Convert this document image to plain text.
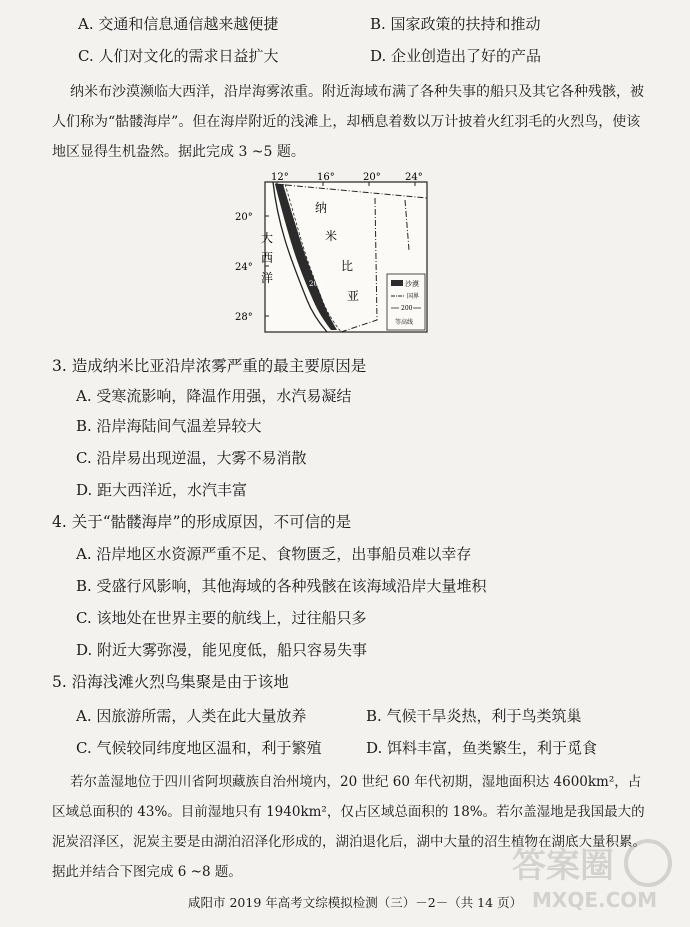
A. 交通和信息通信越来越便捷	B. 国家政策的扶持和推动
C. 人们对文化的需求日益扩大	D. 企业创造出了好的产品
纳米布沙漠濒临大西洋，沿岸海雾浓重。附近海域布满了各种失事的船只及其它各种残骸，被
人们称为“骷髅海岸”。但在海岸附近的浅滩上，却栖息着数以万计披着火红羽毛的火烈鸟，使该
地区显得生机盎然。据此完成 3 ~5 题。
12°	16°	20° 24°
20°
24°
28°
200
大
西
洋
纳
米
比
亚
沙漠
国界
200
等高线
3. 造成纳米比亚沿岸浓雾严重的最主要原因是
A. 受寒流影响，降温作用强，水汽易凝结
B. 沿岸海陆间气温差异较大
C. 沿岸易出现逆温，大雾不易消散
D. 距大西洋近，水汽丰富
4. 关于“骷髅海岸”的形成原因，不可信的是
A. 沿岸地区水资源严重不足、食物匮乏，出事船员难以幸存
B. 受盛行风影响，其他海域的各种残骸在该海域沿岸大量堆积
C. 该地处在世界主要的航线上，过往船只多
D. 附近大雾弥漫，能见度低，船只容易失事
5. 沿海浅滩火烈鸟集聚是由于该地
A. 因旅游所需，人类在此大量放养	B. 气候干旱炎热，利于鸟类筑巢
C. 气候较同纬度地区温和，利于繁殖	D. 饵料丰富，鱼类繁生，利于觅食
若尔盖湿地位于四川省阿坝藏族自治州境内，20 世纪 60 年代初期，湿地面积达 4600km²，占
区域总面积的 43%。目前湿地只有 1940km²，仅占区域总面积的 18%。若尔盖湿地是我国最大的
泥炭沼泽区，泥炭主要是由湖泊沼泽化形成的，湖泊退化后，湖中大量的沼生植物在湖底大量积累。
据此并结合下图完成 6 ~8 题。
咸阳市 2019 年高考文综模拟检测（三）－2－（共 14 页）
答案圈
MXQE.COM
